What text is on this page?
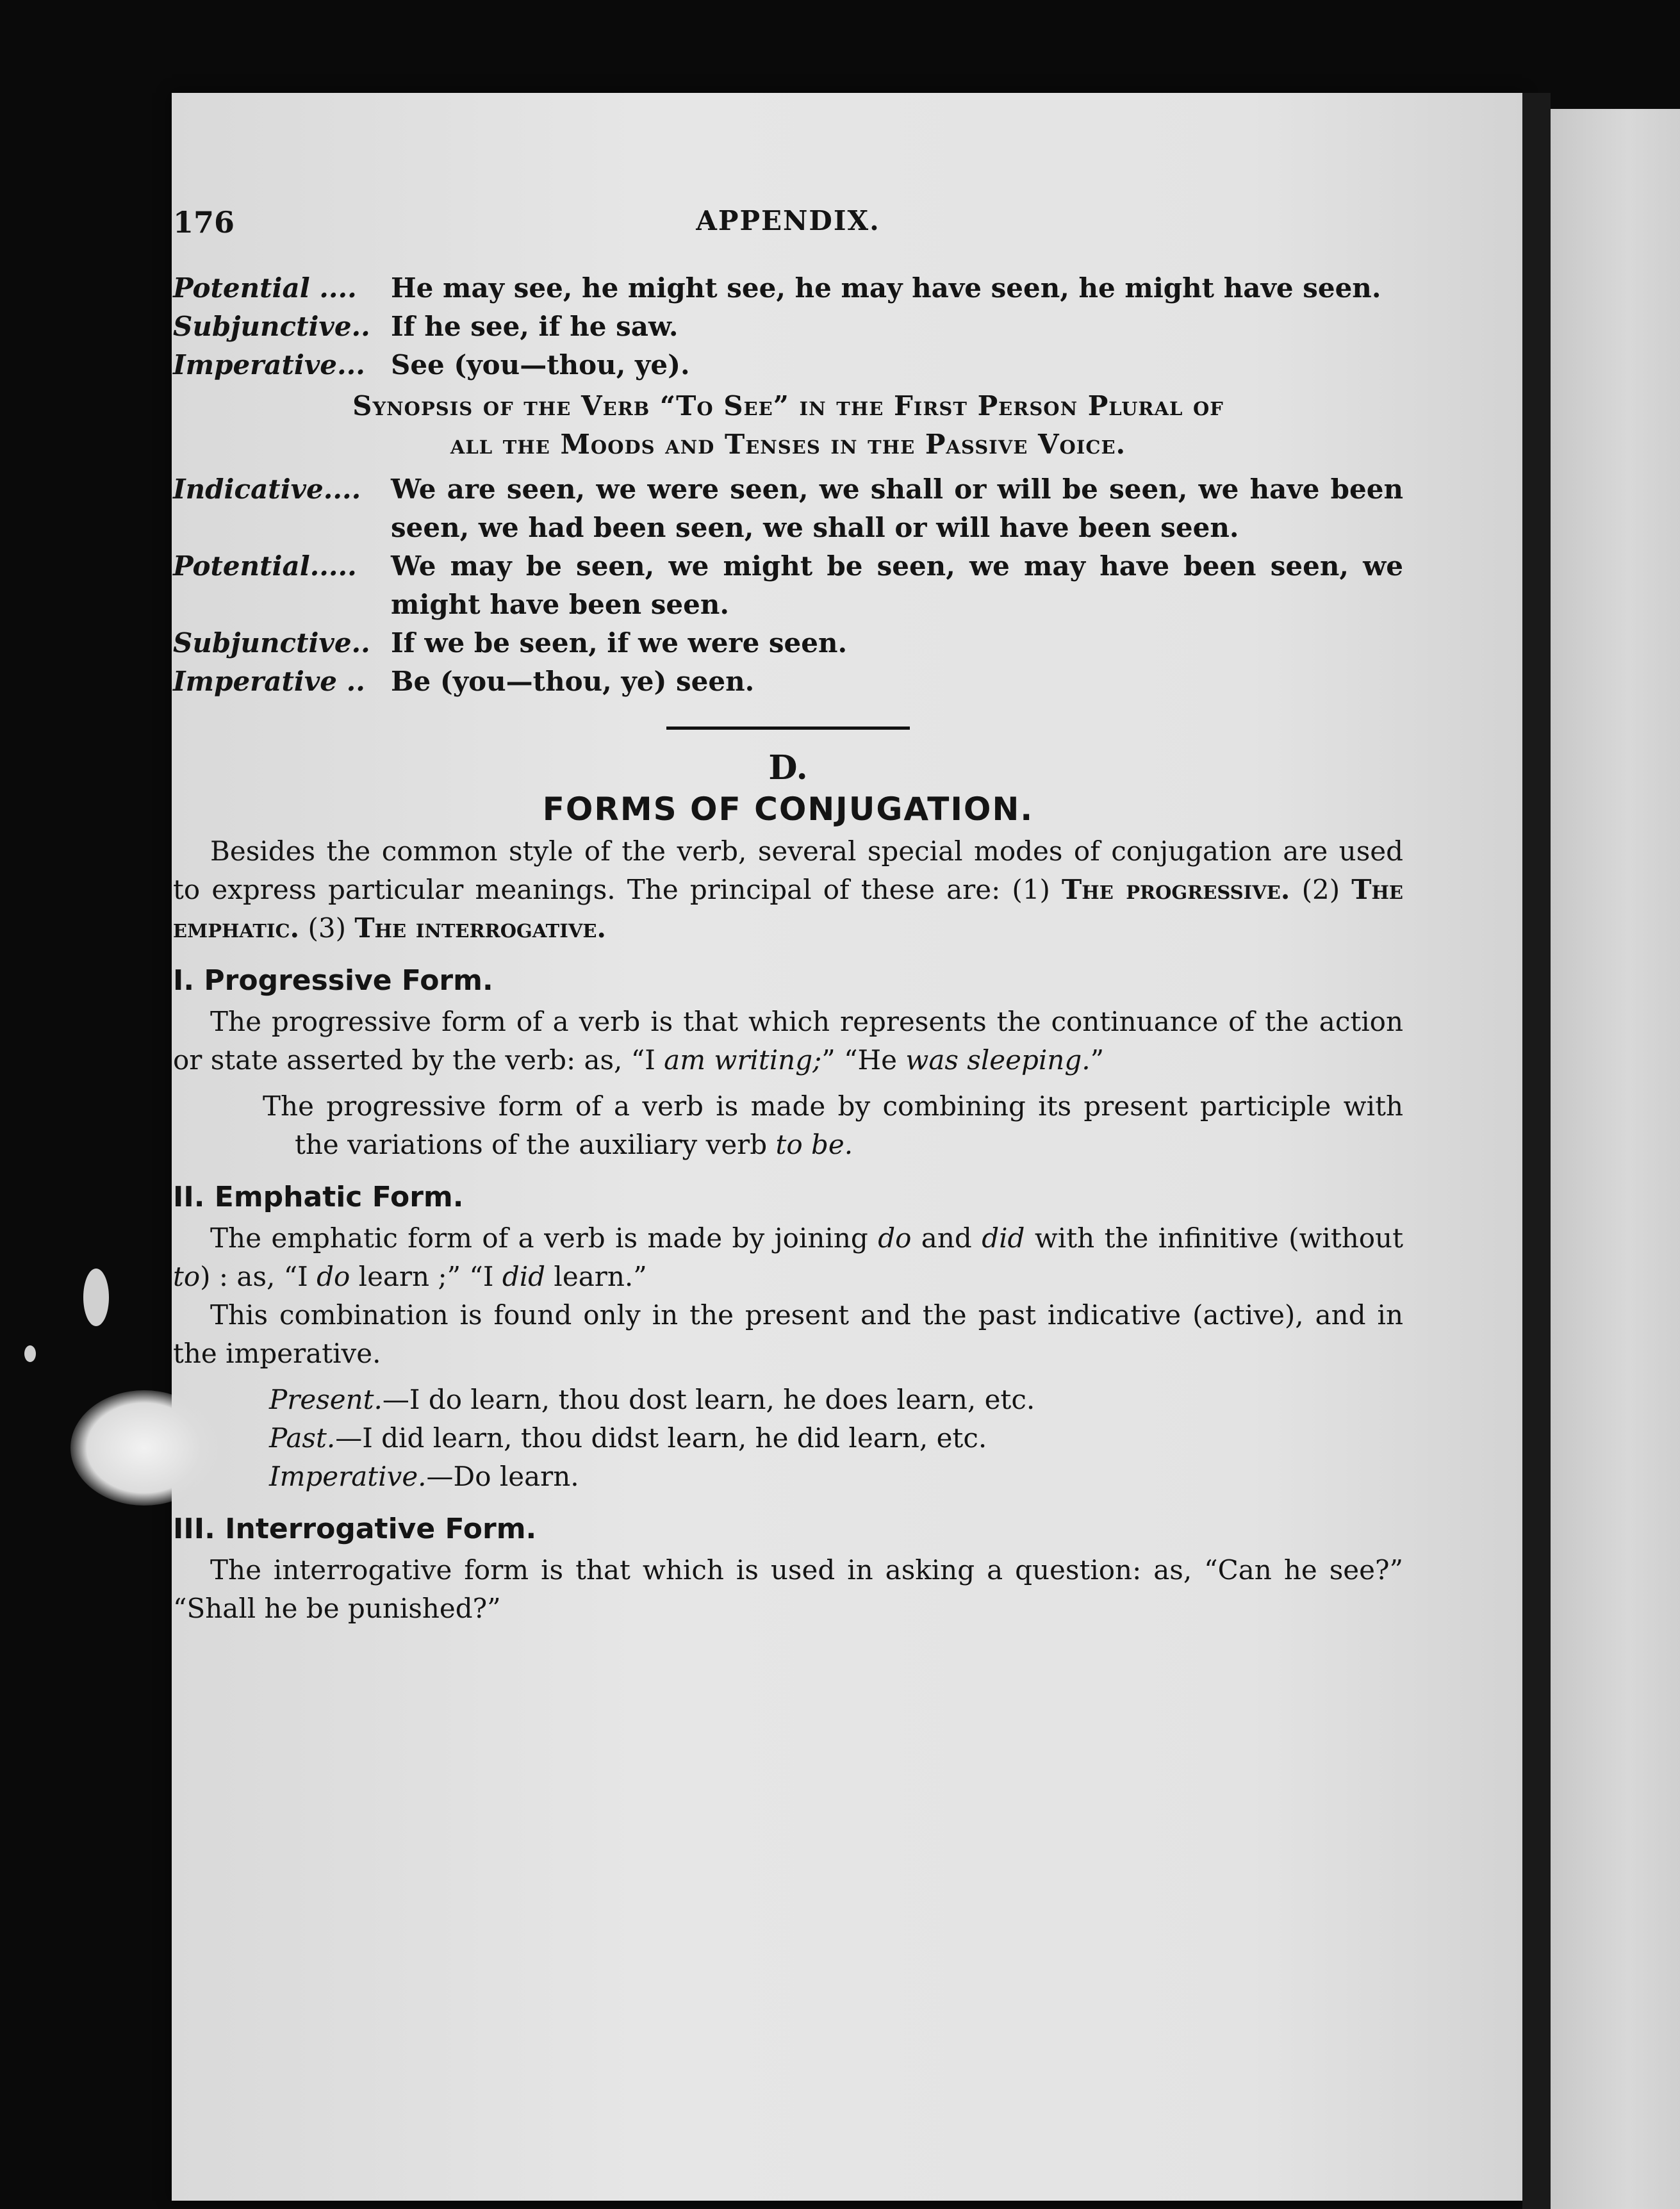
176	APPENDIX.
Potential ....	He may see, he might see, he may have seen, he might have seen.
Subjunctive.. If he see, if he saw.
Imperative... See (you—thou, ye).
Synopsis of the Verb “To See” in the First Person Plural of
all the Moods and Tenses in the Passive Voice.
Indicative....	We are seen, we were seen, we shall or will be seen, we have been seen, we had been seen, we shall or will have been seen.
Potential.....	We may be seen, we might be seen, we may have been seen, we might have been seen.
Subjunctive.. If we be seen, if we were seen.
Imperative .. Be (you—thou, ye) seen.
D.
FORMS OF CONJUGATION.

Besides the common style of the verb, several special modes of conjugation are used to express particular meanings. The principal of these are: (1) The progressive. (2) The emphatic. (3) The interrogative.

I. Progressive Form.

The progressive form of a verb is that which represents the continuance of the action or state asserted by the verb: as, “I am writing;” “He was sleeping.”

The progressive form of a verb is made by combining its present participle with the variations of the auxiliary verb to be.

II. Emphatic Form.

The emphatic form of a verb is made by joining do and did with the infinitive (without to) : as, “I do learn ;” “I did learn.”

This combination is found only in the present and the past indicative (active), and in the imperative.

Present.—I do learn, thou dost learn, he does learn, etc.
Past.—I did learn, thou didst learn, he did learn, etc.
Imperative.—Do learn.
III. Interrogative Form.

The interrogative form is that which is used in asking a question: as, “Can he see?” “Shall he be punished?”
